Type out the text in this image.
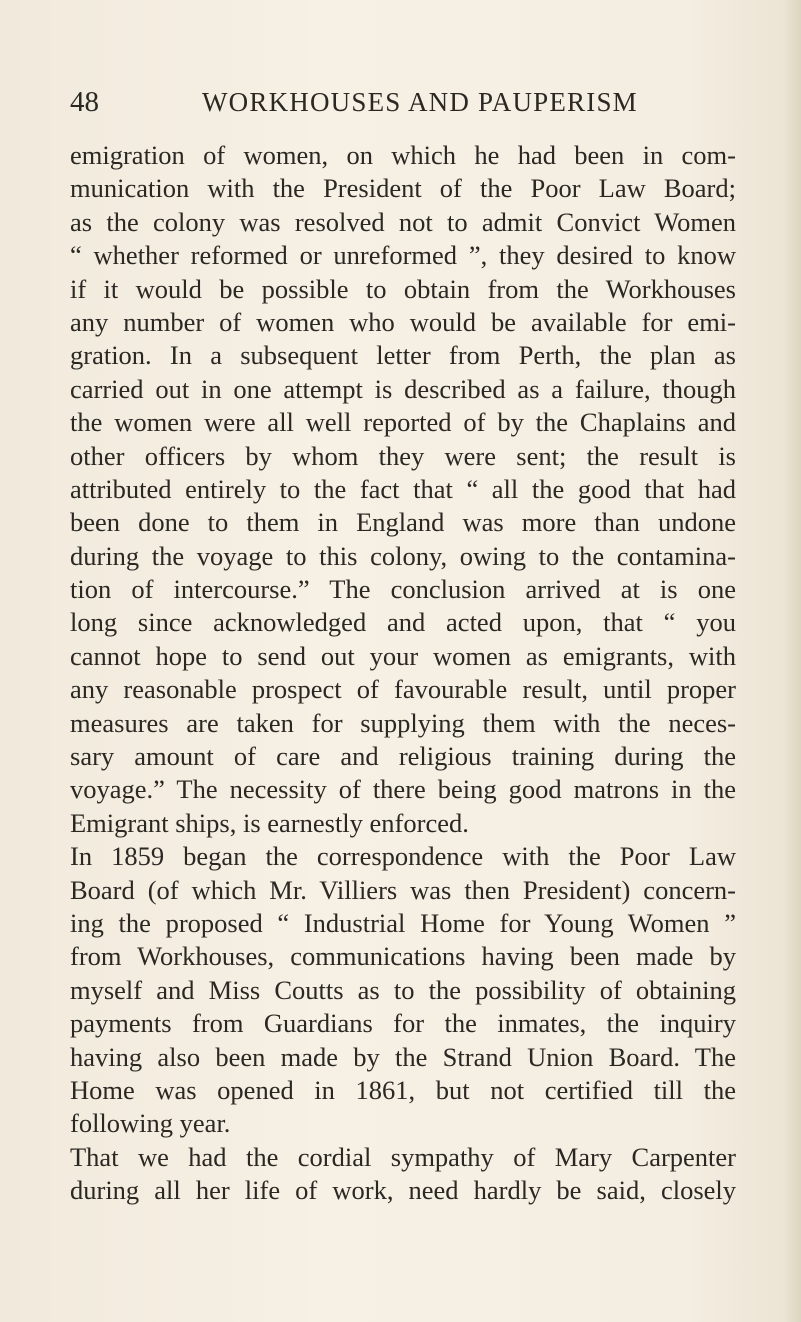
48	WORKHOUSES AND PAUPERISM
emigration of women, on which he had been in com-
munication with the President of the Poor Law Board;
as the colony was resolved not to admit Convict Women
“ whether reformed or unreformed ”, they desired to know
if it would be possible to obtain from the Workhouses
any number of women who would be available for emi-
gration. In a subsequent letter from Perth, the plan as
carried out in one attempt is described as a failure, though
the women were all well reported of by the Chaplains and
other officers by whom they were sent; the result is
attributed entirely to the fact that “ all the good that had
been done to them in England was more than undone
during the voyage to this colony, owing to the contamina-
tion of intercourse.” The conclusion arrived at is one
long since acknowledged and acted upon, that “ you
cannot hope to send out your women as emigrants, with
any reasonable prospect of favourable result, until proper
measures are taken for supplying them with the neces-
sary amount of care and religious training during the
voyage.” The necessity of there being good matrons in the
Emigrant ships, is earnestly enforced.
In 1859 began the correspondence with the Poor Law
Board (of which Mr. Villiers was then President) concern-
ing the proposed “ Industrial Home for Young Women ”
from Workhouses, communications having been made by
myself and Miss Coutts as to the possibility of obtaining
payments from Guardians for the inmates, the inquiry
having also been made by the Strand Union Board. The
Home was opened in 1861, but not certified till the
following year.
That we had the cordial sympathy of Mary Carpenter
during all her life of work, need hardly be said, closely
